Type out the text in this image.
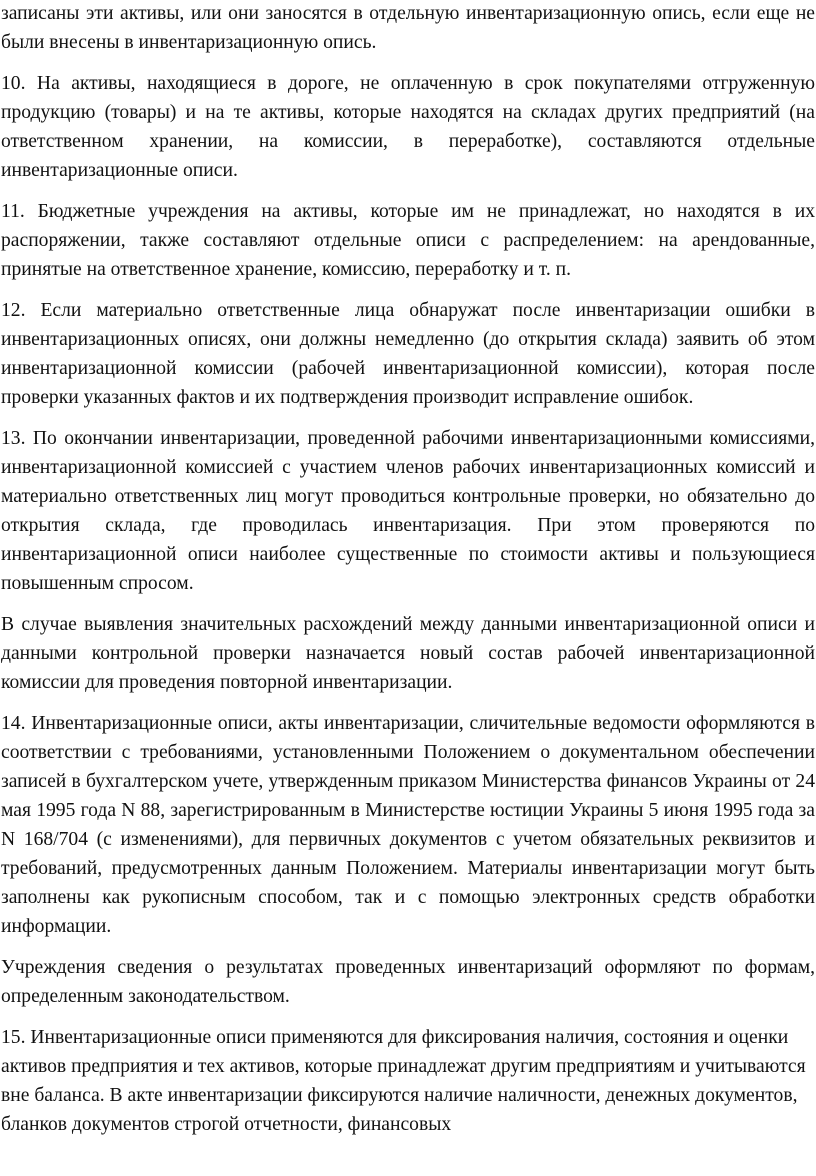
записаны эти активы, или они заносятся в отдельную инвентаризационную опись, если еще не были внесены в инвентаризационную опись.

10. На активы, находящиеся в дороге, не оплаченную в срок покупателями отгруженную продукцию (товары) и на те активы, которые находятся на складах других предприятий (на ответственном хранении, на комиссии, в переработке), составляются отдельные инвентаризационные описи.

11. Бюджетные учреждения на активы, которые им не принадлежат, но находятся в их распоряжении, также составляют отдельные описи с распределением: на арендованные, принятые на ответственное хранение, комиссию, переработку и т. п.

12. Если материально ответственные лица обнаружат после инвентаризации ошибки в инвентаризационных описях, они должны немедленно (до открытия склада) заявить об этом инвентаризационной комиссии (рабочей инвентаризационной комиссии), которая после проверки указанных фактов и их подтверждения производит исправление ошибок.

13. По окончании инвентаризации, проведенной рабочими инвентаризационными комиссиями, инвентаризационной комиссией с участием членов рабочих инвентаризационных комиссий и материально ответственных лиц могут проводиться контрольные проверки, но обязательно до открытия склада, где проводилась инвентаризация. При этом проверяются по инвентаризационной описи наиболее существенные по стоимости активы и пользующиеся повышенным спросом.

В случае выявления значительных расхождений между данными инвентаризационной описи и данными контрольной проверки назначается новый состав рабочей инвентаризационной комиссии для проведения повторной инвентаризации.

14. Инвентаризационные описи, акты инвентаризации, сличительные ведомости оформляются в соответствии с требованиями, установленными Положением о документальном обеспечении записей в бухгалтерском учете, утвержденным приказом Министерства финансов Украины от 24 мая 1995 года N 88, зарегистрированным в Министерстве юстиции Украины 5 июня 1995 года за N 168/704 (с изменениями), для первичных документов с учетом обязательных реквизитов и требований, предусмотренных данным Положением. Материалы инвентаризации могут быть заполнены как рукописным способом, так и с помощью электронных средств обработки информации.

Учреждения сведения о результатах проведенных инвентаризаций оформляют по формам, определенным законодательством.

15. Инвентаризационные описи применяются для фиксирования наличия, состояния и оценки активов предприятия и тех активов, которые принадлежат другим предприятиям и учитываются вне баланса. В акте инвентаризации фиксируются наличие наличности, денежных документов, бланков документов строгой отчетности, финансовых
